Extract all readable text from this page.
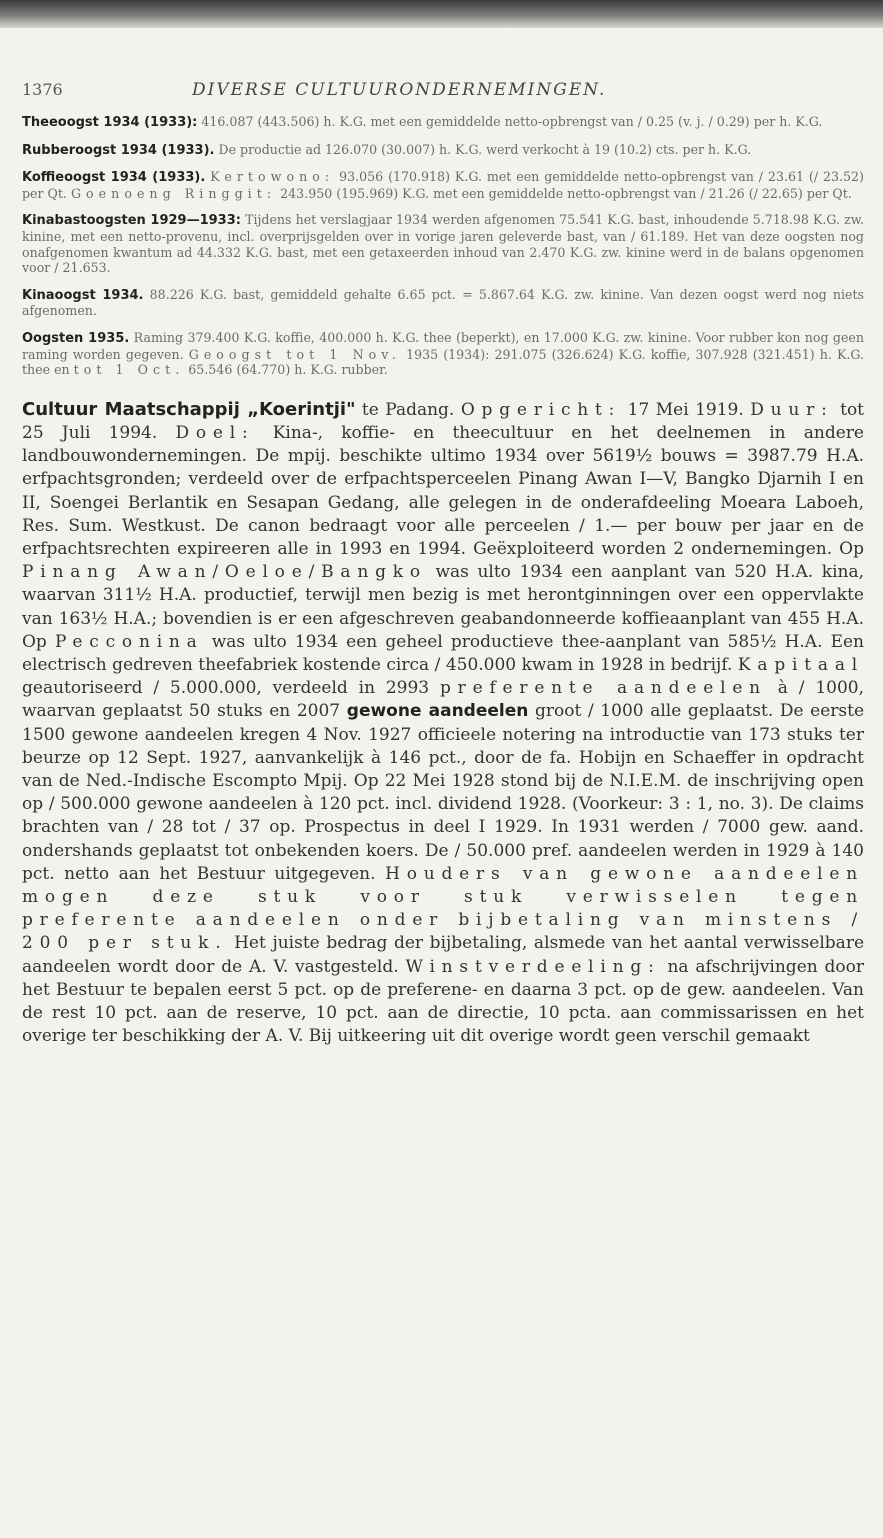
1376	DIVERSE CULTUURONDERNEMINGEN.

Theeoogst 1934 (1933): 416.087 (443.506) h. K.G. met een gemiddelde netto-opbrengst van / 0.25 (v. j. / 0.29) per h. K.G.

Rubberoogst 1934 (1933). De productie ad 126.070 (30.007) h. K.G. werd verkocht à 19 (10.2) cts. per h. K.G.

Koffieoogst 1934 (1933). Kertowono: 93.056 (170.918) K.G. met een gemiddelde netto-opbrengst van / 23.61 (/ 23.52) per Qt. Goenoeng Ringgit: 243.950 (195.969) K.G. met een gemiddelde netto-opbrengst van / 21.26 (/ 22.65) per Qt.

Kinabastoogsten 1929—1933: Tijdens het verslagjaar 1934 werden afgenomen 75.541 K.G. bast, inhoudende 5.718.98 K.G. zw. kinine, met een netto-provenu, incl. overprijsgelden over in vorige jaren geleverde bast, van / 61.189. Het van deze oogsten nog onafgenomen kwantum ad 44.332 K.G. bast, met een getaxeerden inhoud van 2.470 K.G. zw. kinine werd in de balans opgenomen voor / 21.653.

Kinaoogst 1934. 88.226 K.G. bast, gemiddeld gehalte 6.65 pct. = 5.867.64 K.G. zw. kinine. Van dezen oogst werd nog niets afgenomen.

Oogsten 1935. Raming 379.400 K.G. koffie, 400.000 h. K.G. thee (beperkt), en 17.000 K.G. zw. kinine. Voor rubber kon nog geen raming worden gegeven. Geoogst tot 1 Nov. 1935 (1934): 291.075 (326.624) K.G. koffie, 307.928 (321.451) h. K.G. thee en tot 1 Oct. 65.546 (64.770) h. K.G. rubber.

Cultuur Maatschappij „Koerintji" te Padang. Opgericht: 17 Mei 1919. Duur: tot 25 Juli 1994. Doel: Kina-, koffie- en theecultuur en het deelnemen in andere landbouwondernemingen. De mpij. beschikte ultimo 1934 over 5619½ bouws = 3987.79 H.A. erfpachtsgronden; verdeeld over de erfpachtsperceelen Pinang Awan I—V, Bangko Djarnih I en II, Soengei Berlantik en Sesapan Gedang, alle gelegen in de onderafdeeling Moeara Laboeh, Res. Sum. Westkust. De canon bedraagt voor alle perceelen / 1.— per bouw per jaar en de erfpachtsrechten expireeren alle in 1993 en 1994. Geëxploiteerd worden 2 ondernemingen. Op Pinang Awan/Oeloe/Bangko was ulto 1934 een aanplant van 520 H.A. kina, waarvan 311½ H.A. productief, terwijl men bezig is met herontginningen over een oppervlakte van 163½ H.A.; bovendien is er een afgeschreven geabandonneerde koffieaanplant van 455 H.A. Op Pecconina was ulto 1934 een geheel productieve thee-aanplant van 585½ H.A. Een electrisch gedreven theefabriek kostende circa / 450.000 kwam in 1928 in bedrijf. Kapitaal geautoriseerd / 5.000.000, verdeeld in 2993 preferente aandeelen à / 1000, waarvan geplaatst 50 stuks en 2007 gewone aandeelen groot / 1000 alle geplaatst. De eerste 1500 gewone aandeelen kregen 4 Nov. 1927 officieele notering na introductie van 173 stuks ter beurze op 12 Sept. 1927, aanvankelijk à 146 pct., door de fa. Hobijn en Schaeffer in opdracht van de Ned.-Indische Escompto Mpij. Op 22 Mei 1928 stond bij de N.I.E.M. de inschrijving open op / 500.000 gewone aandeelen à 120 pct. incl. dividend 1928. (Voorkeur: 3 : 1, no. 3). De claims brachten van / 28 tot / 37 op. Prospectus in deel I 1929. In 1931 werden / 7000 gew. aand. ondershands geplaatst tot onbekenden koers. De / 50.000 pref. aandeelen werden in 1929 à 140 pct. netto aan het Bestuur uitgegeven. Houders van gewone aandeelen mogen deze stuk voor stuk verwisselen tegen preferente aandeelen onder bijbetaling van minstens / 200 per stuk. Het juiste bedrag der bijbetaling, alsmede van het aantal verwisselbare aandeelen wordt door de A. V. vastgesteld. Winstverdeeling: na afschrijvingen door het Bestuur te bepalen eerst 5 pct. op de preferene- en daarna 3 pct. op de gew. aandeelen. Van de rest 10 pct. aan de reserve, 10 pct. aan de directie, 10 pcta. aan commissarissen en het overige ter beschikking der A. V. Bij uitkeering uit dit overige wordt geen verschil gemaakt
